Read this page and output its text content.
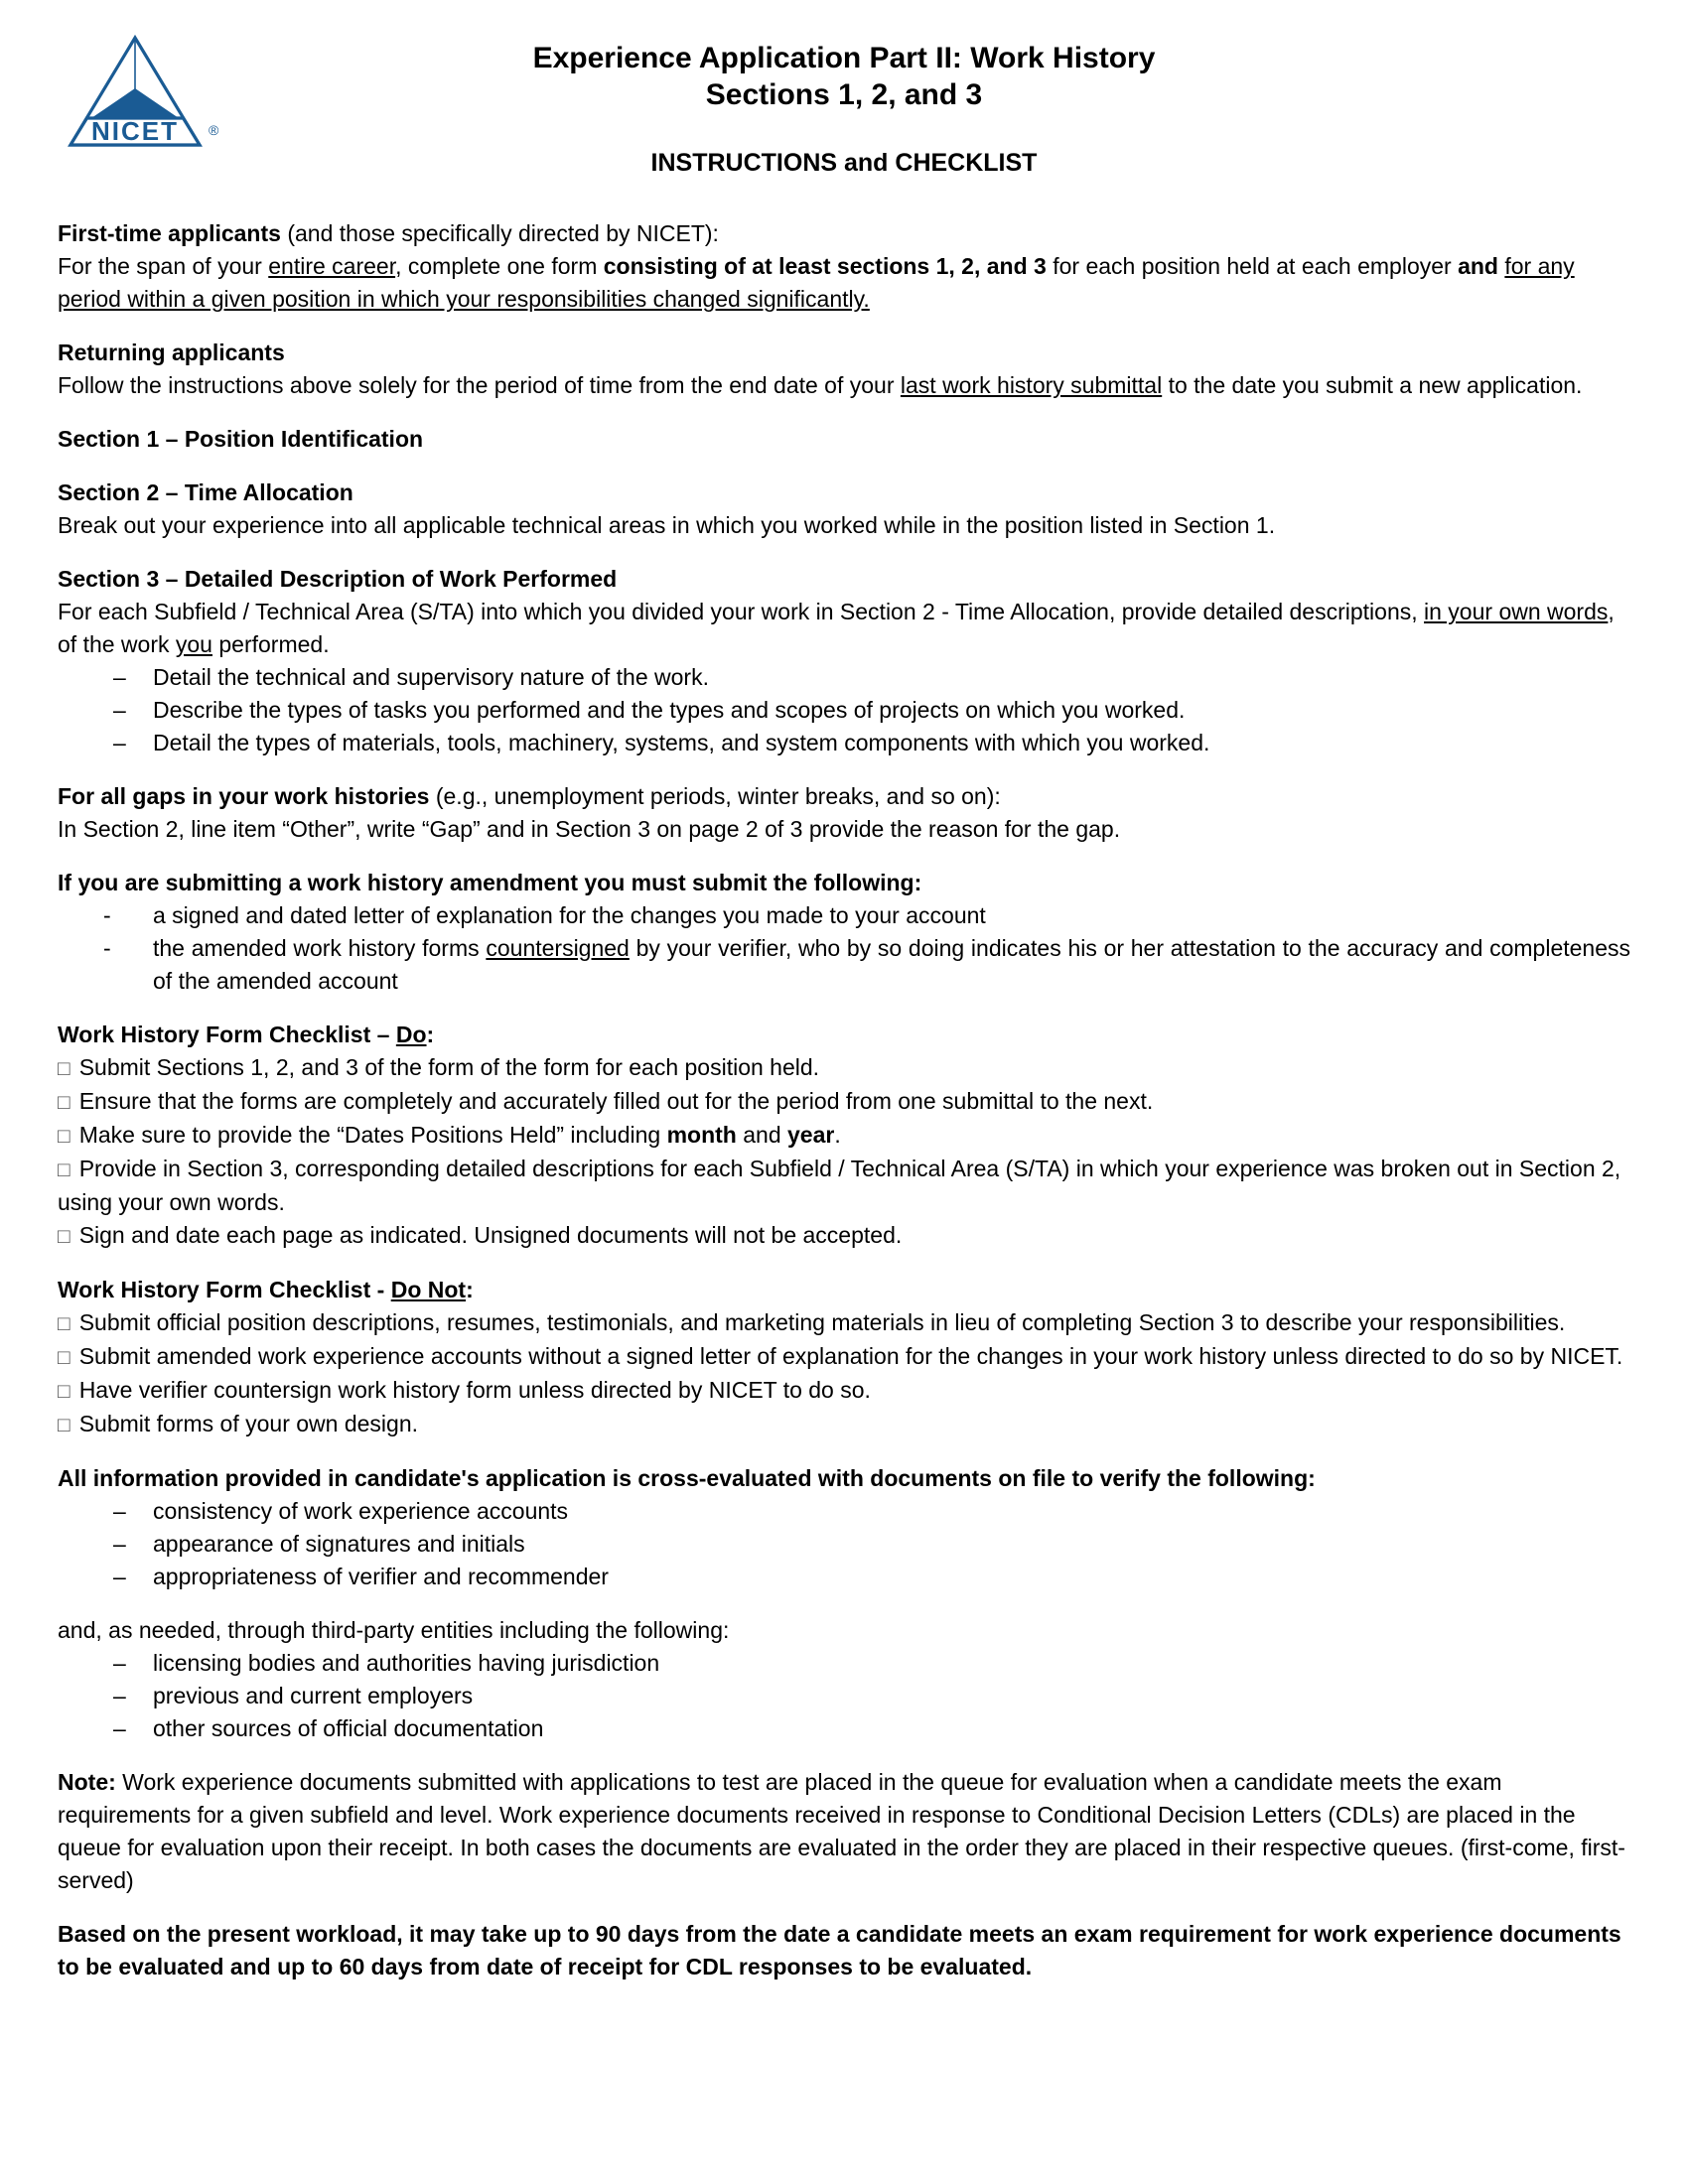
NICET ®
Experience Application Part II: Work History
Sections 1, 2, and 3
INSTRUCTIONS and CHECKLIST
First-time applicants (and those specifically directed by NICET):
For the span of your entire career, complete one form consisting of at least sections 1, 2, and 3 for each position held at each employer and for any period within a given position in which your responsibilities changed significantly.
Returning applicants
Follow the instructions above solely for the period of time from the end date of your last work history submittal to the date you submit a new application.
Section 1 – Position Identification
Section 2 – Time Allocation
Break out your experience into all applicable technical areas in which you worked while in the position listed in Section 1.
Section 3 – Detailed Description of Work Performed
For each Subfield / Technical Area (S/TA) into which you divided your work in Section 2 - Time Allocation, provide detailed descriptions, in your own words, of the work you performed.
–	Detail the technical and supervisory nature of the work.
–	Describe the types of tasks you performed and the types and scopes of projects on which you worked.
–	Detail the types of materials, tools, machinery, systems, and system components with which you worked.
For all gaps in your work histories (e.g., unemployment periods, winter breaks, and so on):
In Section 2, line item “Other”, write “Gap” and in Section 3 on page 2 of 3 provide the reason for the gap.
If you are submitting a work history amendment you must submit the following:
-	a signed and dated letter of explanation for the changes you made to your account
-	the amended work history forms countersigned by your verifier, who by so doing indicates his or her attestation to the accuracy and completeness of the amended account
Work History Form Checklist – Do:
□ Submit Sections 1, 2, and 3 of the form of the form for each position held.
□ Ensure that the forms are completely and accurately filled out for the period from one submittal to the next.
□ Make sure to provide the “Dates Positions Held” including month and year.
□ Provide in Section 3, corresponding detailed descriptions for each Subfield / Technical Area (S/TA) in which your experience was broken out in Section 2, using your own words.
□ Sign and date each page as indicated. Unsigned documents will not be accepted.
Work History Form Checklist - Do Not:
□ Submit official position descriptions, resumes, testimonials, and marketing materials in lieu of completing Section 3 to describe your responsibilities.
□ Submit amended work experience accounts without a signed letter of explanation for the changes in your work history unless directed to do so by NICET.
□ Have verifier countersign work history form unless directed by NICET to do so.
□ Submit forms of your own design.
All information provided in candidate's application is cross-evaluated with documents on file to verify the following:
–	consistency of work experience accounts
–	appearance of signatures and initials
–	appropriateness of verifier and recommender
and, as needed, through third-party entities including the following:
–	licensing bodies and authorities having jurisdiction
–	previous and current employers
–	other sources of official documentation
Note: Work experience documents submitted with applications to test are placed in the queue for evaluation when a candidate meets the exam requirements for a given subfield and level. Work experience documents received in response to Conditional Decision Letters (CDLs) are placed in the queue for evaluation upon their receipt. In both cases the documents are evaluated in the order they are placed in their respective queues. (first-come, first-served)
Based on the present workload, it may take up to 90 days from the date a candidate meets an exam requirement for work experience documents to be evaluated and up to 60 days from date of receipt for CDL responses to be evaluated.
